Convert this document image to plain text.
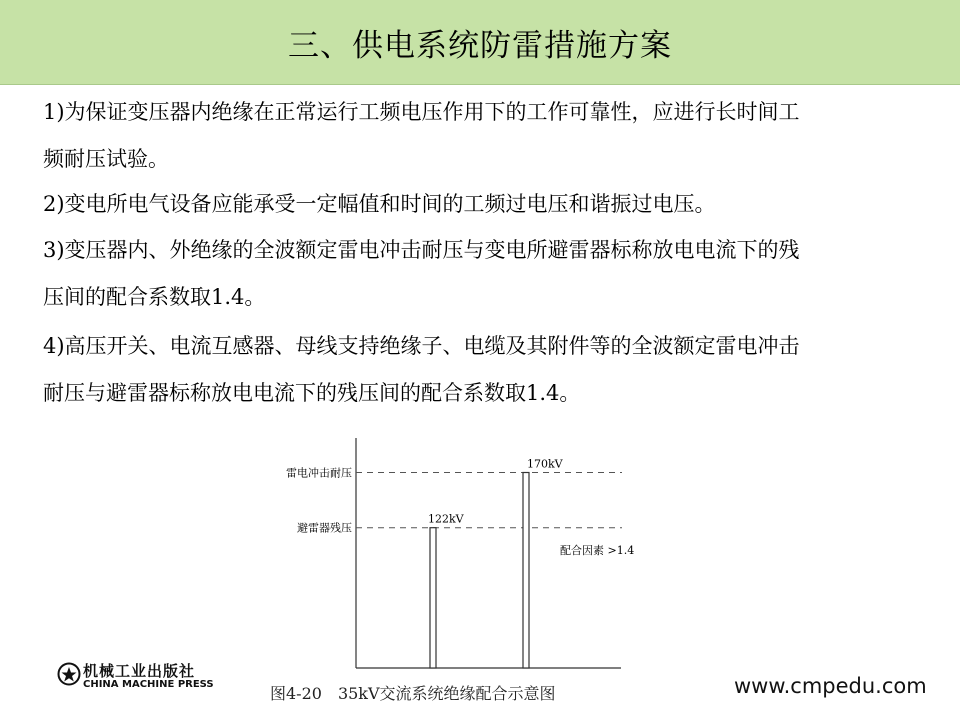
三、供电系统防雷措施方案
1)为保证变压器内绝缘在正常运行工频电压作用下的工作可靠性，应进行长时间工
频耐压试验。
2)变电所电气设备应能承受一定幅值和时间的工频过电压和谐振过电压。
3)变压器内、外绝缘的全波额定雷电冲击耐压与变电所避雷器标称放电电流下的残
压间的配合系数取1.4。
4)高压开关、电流互感器、母线支持绝缘子、电缆及其附件等的全波额定雷电冲击
耐压与避雷器标称放电电流下的残压间的配合系数取1.4。
雷电冲击耐压
避雷器残压
122kV
170kV
配合因素 >1.4
图4-20　35kV交流系统绝缘配合示意图
机械工业出版社
CHINA MACHINE PRESS	www.cmpedu.com
